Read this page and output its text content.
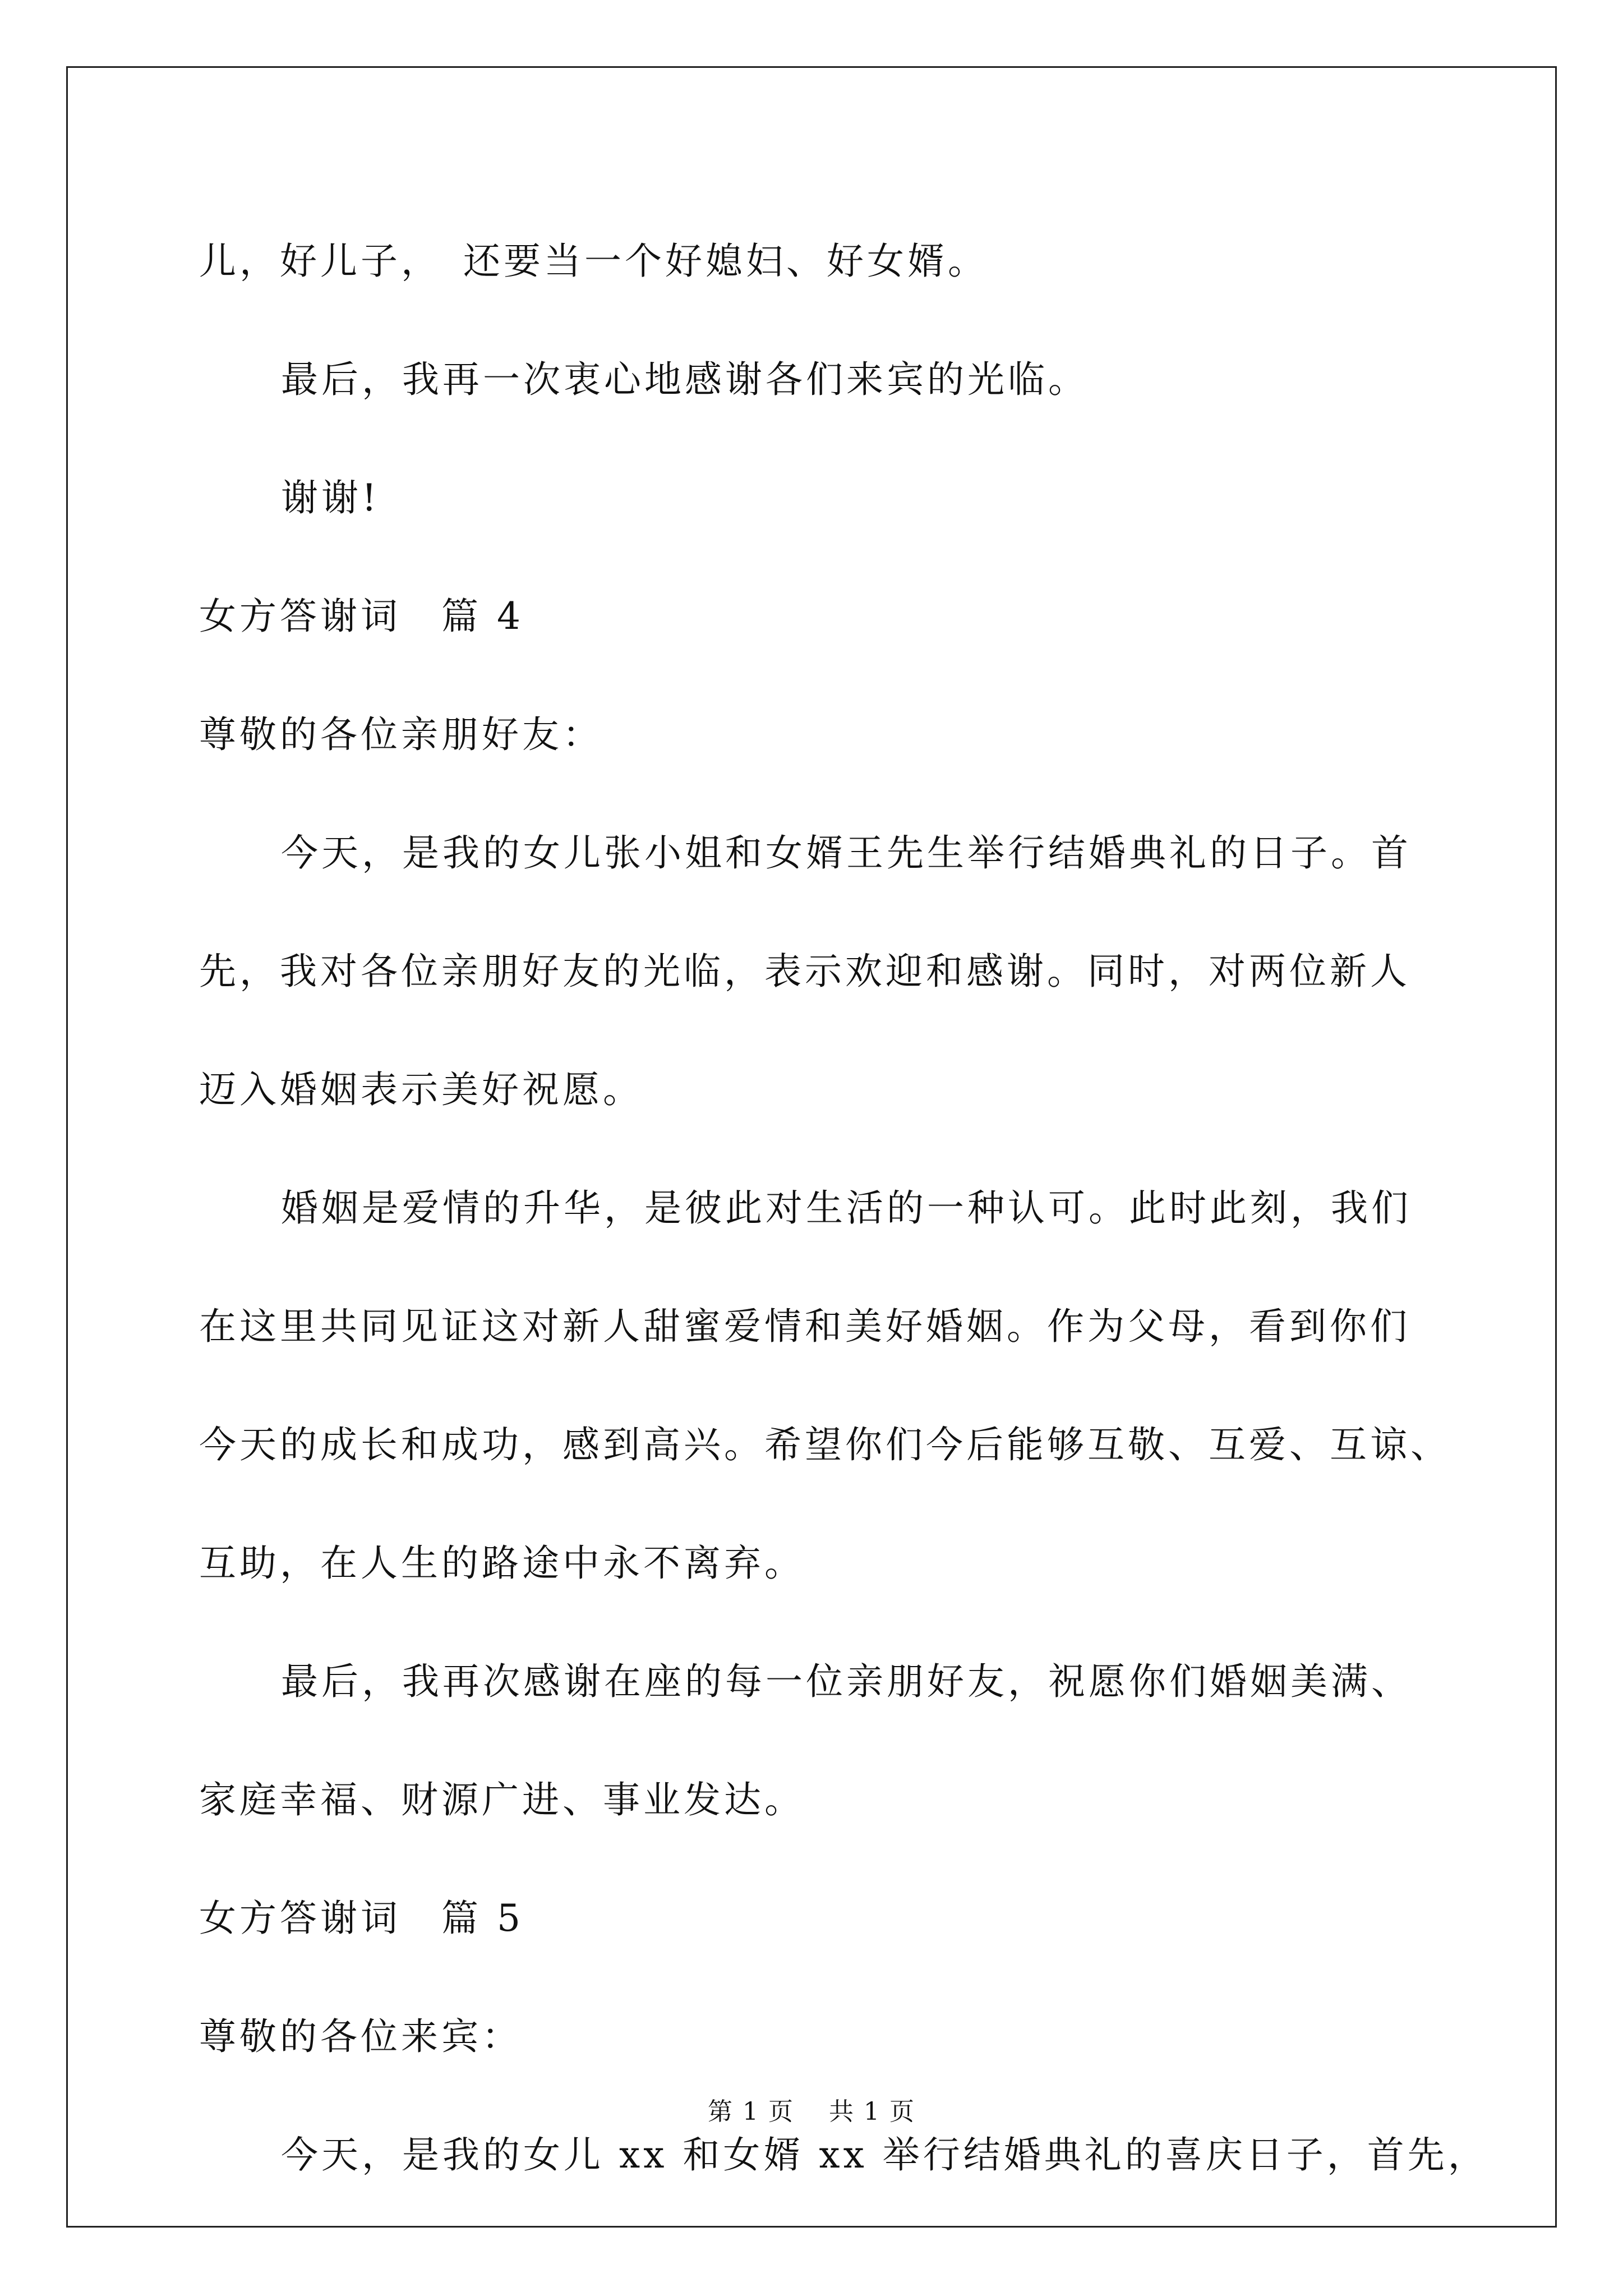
儿，好儿子，　还要当一个好媳妇、好女婿。
最后，我再一次衷心地感谢各们来宾的光临。
谢谢!
女方答谢词　篇 4
尊敬的各位亲朋好友：
今天，是我的女儿张小姐和女婿王先生举行结婚典礼的日子。首
先，我对各位亲朋好友的光临，表示欢迎和感谢。同时，对两位新人
迈入婚姻表示美好祝愿。
婚姻是爱情的升华，是彼此对生活的一种认可。此时此刻，我们
在这里共同见证这对新人甜蜜爱情和美好婚姻。作为父母，看到你们
今天的成长和成功，感到高兴。希望你们今后能够互敬、互爱、互谅、
互助，在人生的路途中永不离弃。
最后，我再次感谢在座的每一位亲朋好友，祝愿你们婚姻美满、
家庭幸福、财源广进、事业发达。
女方答谢词　篇 5
尊敬的各位来宾：
今天，是我的女儿 xx 和女婿 xx 举行结婚典礼的喜庆日子，首先，
第 1 页　 共 1 页
